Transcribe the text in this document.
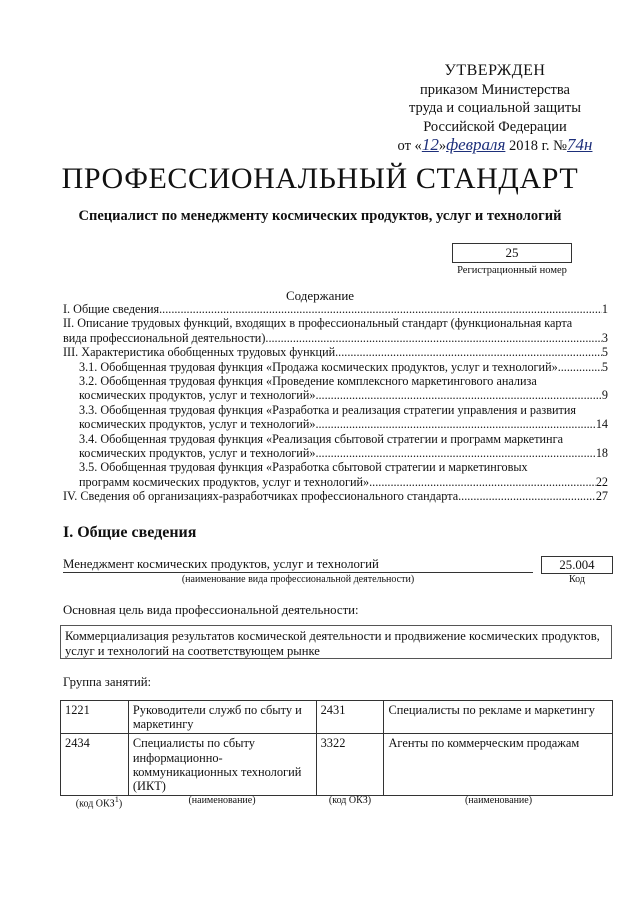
УТВЕРЖДЕН
приказом Министерства
труда и социальной защиты
Российской Федерации
от «12»февраля 2018 г. №74н
ПРОФЕССИОНАЛЬНЫЙ СТАНДАРТ
Специалист по менеджменту космических продуктов, услуг и технологий
25
Регистрационный номер
Содержание
I. Общие сведения .....	1
II. Описание трудовых функций, входящих в профессиональный стандарт (функциональная карта
вида профессиональной деятельности) .....	3
III. Характеристика обобщенных трудовых функций .....	5
3.1. Обобщенная трудовая функция «Продажа космических продуктов, услуг и технологий» .....	5
3.2. Обобщенная трудовая функция «Проведение комплексного маркетингового анализа
космических продуктов, услуг и технологий» .....	9
3.3. Обобщенная трудовая функция «Разработка и реализация стратегии управления и развития
космических продуктов, услуг и технологий» .....	14
3.4. Обобщенная трудовая функция «Реализация сбытовой стратегии и программ маркетинга
космических продуктов, услуг и технологий» .....	18
3.5. Обобщенная трудовая функция «Разработка сбытовой стратегии и маркетинговых
программ космических продуктов, услуг и технологий» .....	22
IV. Сведения об организациях-разработчиках профессионального стандарта .....	27
I. Общие сведения
Менеджмент космических продуктов, услуг и технологий
(наименование вида профессиональной деятельности)
25.004
Код
Основная цель вида профессиональной деятельности:
Коммерциализация результатов космической деятельности и продвижение космических продуктов, услуг и технологий на соответствующем рынке
Группа занятий:
1221	Руководители служб по сбыту и маркетингу	2431	Специалисты по рекламе и маркетингу
2434	Специалисты по сбыту информационно-коммуникационных технологий (ИКТ)	3322	Агенты по коммерческим продажам
(код ОКЗ$^1$)	(наименование)	(код ОКЗ)	(наименование)
